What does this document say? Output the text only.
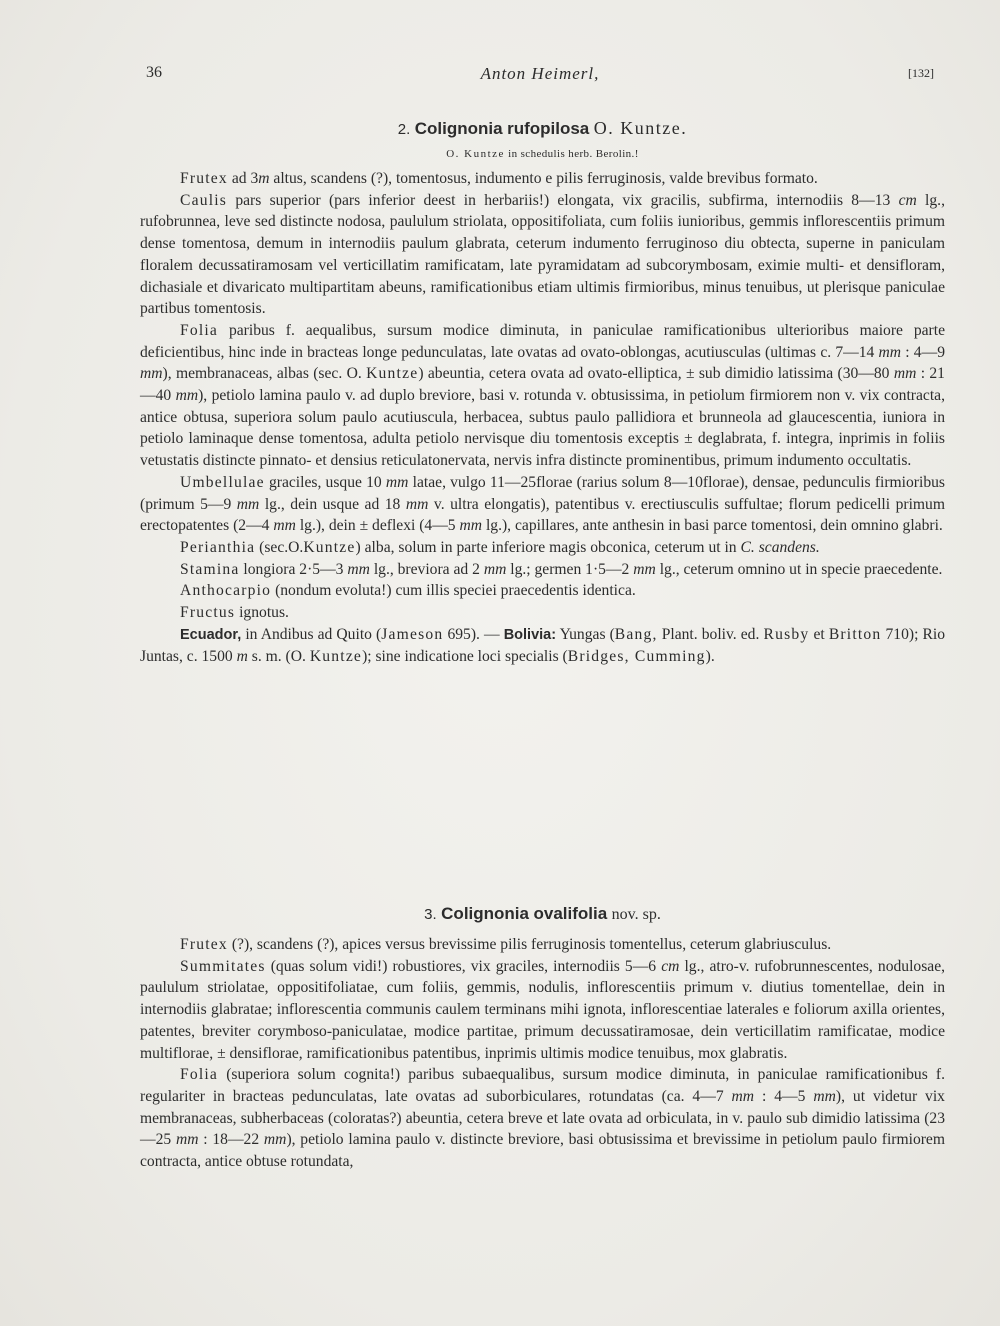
36	Anton Heimerl,	[132]
2. Colignonia rufopilosa O. Kuntze.
O. Kuntze in schedulis herb. Berolin.!

Frutex ad 3m altus, scandens (?), tomentosus, indumento e pilis ferruginosis, valde brevibus formato.

Caulis pars superior (pars inferior deest in herbariis!) elongata, vix gracilis, subfirma, internodiis 8—13 cm lg., rufobrunnea, leve sed distincte nodosa, paululum striolata, oppositifoliata, cum foliis iunioribus, gemmis inflorescentiis primum dense tomentosa, demum in internodiis paulum glabrata, ceterum indumento ferruginoso diu obtecta, superne in paniculam floralem decussatiramosam vel verticillatim ramificatam, late pyramidatam ad subcorymbosam, eximie multi- et densifloram, dichasiale et divaricato multipartitam abeuns, ramificationibus etiam ultimis firmioribus, minus tenuibus, ut plerisque paniculae partibus tomentosis.

Folia paribus f. aequalibus, sursum modice diminuta, in paniculae ramificationibus ulterioribus maiore parte deficientibus, hinc inde in bracteas longe pedunculatas, late ovatas ad ovato-oblongas, acutiusculas (ultimas c. 7—14 mm : 4—9 mm), membranaceas, albas (sec. O. Kuntze) abeuntia, cetera ovata ad ovato-elliptica, ± sub dimidio latissima (30—80 mm : 21—40 mm), petiolo lamina paulo v. ad duplo breviore, basi v. rotunda v. obtusissima, in petiolum firmiorem non v. vix contracta, antice obtusa, superiora solum paulo acutiuscula, herbacea, subtus paulo pallidiora et brunneola ad glaucescentia, iuniora in petiolo laminaque dense tomentosa, adulta petiolo nervisque diu tomentosis exceptis ± deglabrata, f. integra, inprimis in foliis vetustatis distincte pinnato- et densius reticulatonervata, nervis infra distincte prominentibus, primum indumento occultatis.

Umbellulae graciles, usque 10 mm latae, vulgo 11—25florae (rarius solum 8—10florae), densae, pedunculis firmioribus (primum 5—9 mm lg., dein usque ad 18 mm v. ultra elongatis), patentibus v. erectiusculis suffultae; florum pedicelli primum erectopatentes (2—4 mm lg.), dein ± deflexi (4—5 mm lg.), capillares, ante anthesin in basi parce tomentosi, dein omnino glabri.

Perianthia (sec.O.Kuntze) alba, solum in parte inferiore magis obconica, ceterum ut in C. scandens.

Stamina longiora 2·5—3 mm lg., breviora ad 2 mm lg.; germen 1·5—2 mm lg., ceterum omnino ut in specie praecedente.

Anthocarpio (nondum evoluta!) cum illis speciei praecedentis identica.

Fructus ignotus.

Ecuador, in Andibus ad Quito (Jameson 695). — Bolivia: Yungas (Bang, Plant. boliv. ed. Rusby et Britton 710); Rio Juntas, c. 1500 m s. m. (O. Kuntze); sine indicatione loci specialis (Bridges, Cumming).

3. Colignonia ovalifolia nov. sp.

Frutex (?), scandens (?), apices versus brevissime pilis ferruginosis tomentellus, ceterum glabriusculus.

Summitates (quas solum vidi!) robustiores, vix graciles, internodiis 5—6 cm lg., atro-v. rufobrunnescentes, nodulosae, paululum striolatae, oppositifoliatae, cum foliis, gemmis, nodulis, inflorescentiis primum v. diutius tomentellae, dein in internodiis glabratae; inflorescentia communis caulem terminans mihi ignota, inflorescentiae laterales e foliorum axilla orientes, patentes, breviter corymboso-paniculatae, modice partitae, primum decussatiramosae, dein verticillatim ramificatae, modice multiflorae, ± densiflorae, ramificationibus patentibus, inprimis ultimis modice tenuibus, mox glabratis.

Folia (superiora solum cognita!) paribus subaequalibus, sursum modice diminuta, in paniculae ramificationibus f. regulariter in bracteas pedunculatas, late ovatas ad suborbiculares, rotundatas (ca. 4—7 mm : 4—5 mm), ut videtur vix membranaceas, subherbaceas (coloratas?) abeuntia, cetera breve et late ovata ad orbiculata, in v. paulo sub dimidio latissima (23—25 mm : 18—22 mm), petiolo lamina paulo v. distincte breviore, basi obtusissima et brevissime in petiolum paulo firmiorem contracta, antice obtuse rotundata,
